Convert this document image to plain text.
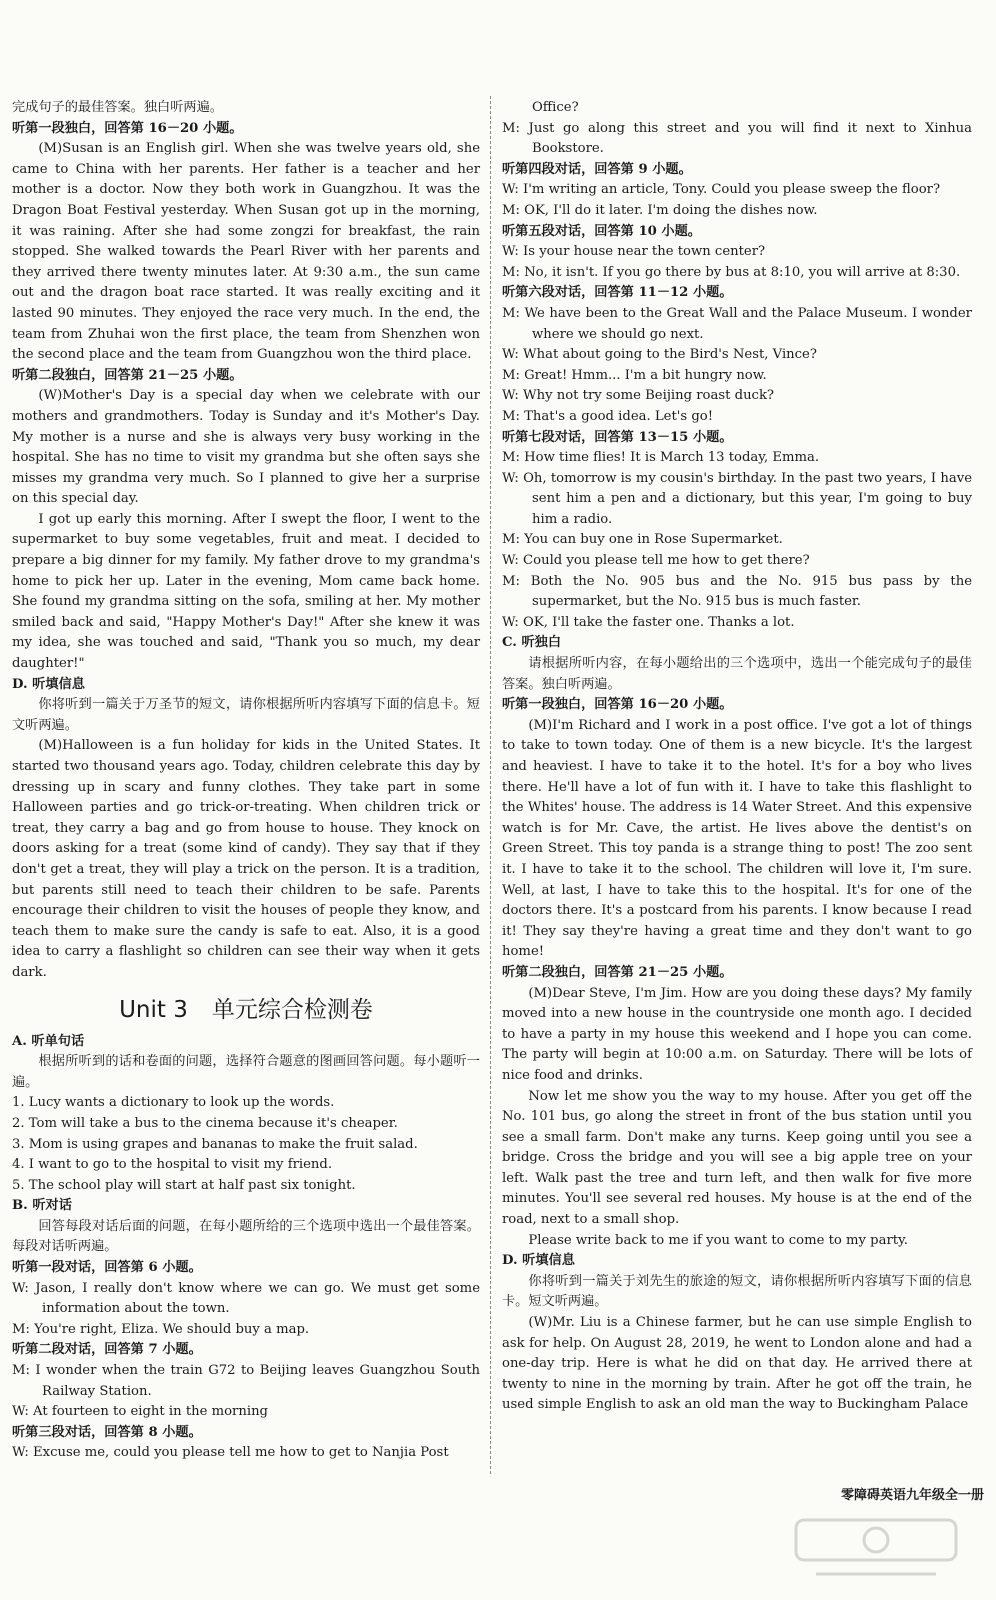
完成句子的最佳答案。独白听两遍。

听第一段独白，回答第 16－20 小题。

(M)Susan is an English girl. When she was twelve years old, she came to China with her parents. Her father is a teacher and her mother is a doctor. Now they both work in Guangzhou. It was the Dragon Boat Festival yesterday. When Susan got up in the morning, it was raining. After she had some zongzi for breakfast, the rain stopped. She walked towards the Pearl River with her parents and they arrived there twenty minutes later. At 9:30 a.m., the sun came out and the dragon boat race started. It was really exciting and it lasted 90 minutes. They enjoyed the race very much. In the end, the team from Zhuhai won the first place, the team from Shenzhen won the second place and the team from Guangzhou won the third place.

听第二段独白，回答第 21－25 小题。

(W)Mother's Day is a special day when we celebrate with our mothers and grandmothers. Today is Sunday and it's Mother's Day. My mother is a nurse and she is always very busy working in the hospital. She has no time to visit my grandma but she often says she misses my grandma very much. So I planned to give her a surprise on this special day.

I got up early this morning. After I swept the floor, I went to the supermarket to buy some vegetables, fruit and meat. I decided to prepare a big dinner for my family. My father drove to my grandma's home to pick her up. Later in the evening, Mom came back home. She found my grandma sitting on the sofa, smiling at her. My mother smiled back and said, "Happy Mother's Day!" After she knew it was my idea, she was touched and said, "Thank you so much, my dear daughter!"

D. 听填信息

你将听到一篇关于万圣节的短文，请你根据所听内容填写下面的信息卡。短文听两遍。

(M)Halloween is a fun holiday for kids in the United States. It started two thousand years ago. Today, children celebrate this day by dressing up in scary and funny clothes. They take part in some Halloween parties and go trick-or-treating. When children trick or treat, they carry a bag and go from house to house. They knock on doors asking for a treat (some kind of candy). They say that if they don't get a treat, they will play a trick on the person. It is a tradition, but parents still need to teach their children to be safe. Parents encourage their children to visit the houses of people they know, and teach them to make sure the candy is safe to eat. Also, it is a good idea to carry a flashlight so children can see their way when it gets dark.

Unit 3 单元综合检测卷

A. 听单句话

根据所听到的话和卷面的问题，选择符合题意的图画回答问题。每小题听一遍。

1. Lucy wants a dictionary to look up the words.

2. Tom will take a bus to the cinema because it's cheaper.

3. Mom is using grapes and bananas to make the fruit salad.

4. I want to go to the hospital to visit my friend.

5. The school play will start at half past six tonight.

B. 听对话

回答每段对话后面的问题，在每小题所给的三个选项中选出一个最佳答案。每段对话听两遍。

听第一段对话，回答第 6 小题。

W: Jason, I really don't know where we can go. We must get some information about the town.

M: You're right, Eliza. We should buy a map.

听第二段对话，回答第 7 小题。

M: I wonder when the train G72 to Beijing leaves Guangzhou South Railway Station.

W: At fourteen to eight in the morning

听第三段对话，回答第 8 小题。

W: Excuse me, could you please tell me how to get to Nanjia Post

Office?

M: Just go along this street and you will find it next to Xinhua Bookstore.

听第四段对话，回答第 9 小题。

W: I'm writing an article, Tony. Could you please sweep the floor?

M: OK, I'll do it later. I'm doing the dishes now.

听第五段对话，回答第 10 小题。

W: Is your house near the town center?

M: No, it isn't. If you go there by bus at 8:10, you will arrive at 8:30.

听第六段对话，回答第 11－12 小题。

M: We have been to the Great Wall and the Palace Museum. I wonder where we should go next.

W: What about going to the Bird's Nest, Vince?

M: Great! Hmm... I'm a bit hungry now.

W: Why not try some Beijing roast duck?

M: That's a good idea. Let's go!

听第七段对话，回答第 13－15 小题。

M: How time flies! It is March 13 today, Emma.

W: Oh, tomorrow is my cousin's birthday. In the past two years, I have sent him a pen and a dictionary, but this year, I'm going to buy him a radio.

M: You can buy one in Rose Supermarket.

W: Could you please tell me how to get there?

M: Both the No. 905 bus and the No. 915 bus pass by the supermarket, but the No. 915 bus is much faster.

W: OK, I'll take the faster one. Thanks a lot.

C. 听独白

请根据所听内容，在每小题给出的三个选项中，选出一个能完成句子的最佳答案。独白听两遍。

听第一段独白，回答第 16－20 小题。

(M)I'm Richard and I work in a post office. I've got a lot of things to take to town today. One of them is a new bicycle. It's the largest and heaviest. I have to take it to the hotel. It's for a boy who lives there. He'll have a lot of fun with it. I have to take this flashlight to the Whites' house. The address is 14 Water Street. And this expensive watch is for Mr. Cave, the artist. He lives above the dentist's on Green Street. This toy panda is a strange thing to post! The zoo sent it. I have to take it to the school. The children will love it, I'm sure. Well, at last, I have to take this to the hospital. It's for one of the doctors there. It's a postcard from his parents. I know because I read it! They say they're having a great time and they don't want to go home!

听第二段独白，回答第 21－25 小题。

(M)Dear Steve, I'm Jim. How are you doing these days? My family moved into a new house in the countryside one month ago. I decided to have a party in my house this weekend and I hope you can come. The party will begin at 10:00 a.m. on Saturday. There will be lots of nice food and drinks.

Now let me show you the way to my house. After you get off the No. 101 bus, go along the street in front of the bus station until you see a small farm. Don't make any turns. Keep going until you see a bridge. Cross the bridge and you will see a big apple tree on your left. Walk past the tree and turn left, and then walk for five more minutes. You'll see several red houses. My house is at the end of the road, next to a small shop.

Please write back to me if you want to come to my party.

D. 听填信息

你将听到一篇关于刘先生的旅途的短文，请你根据所听内容填写下面的信息卡。短文听两遍。

(W)Mr. Liu is a Chinese farmer, but he can use simple English to ask for help. On August 28, 2019, he went to London alone and had a one-day trip. Here is what he did on that day. He arrived there at twenty to nine in the morning by train. After he got off the train, he used simple English to ask an old man the way to Buckingham Palace

零障碍英语九年级全一册
